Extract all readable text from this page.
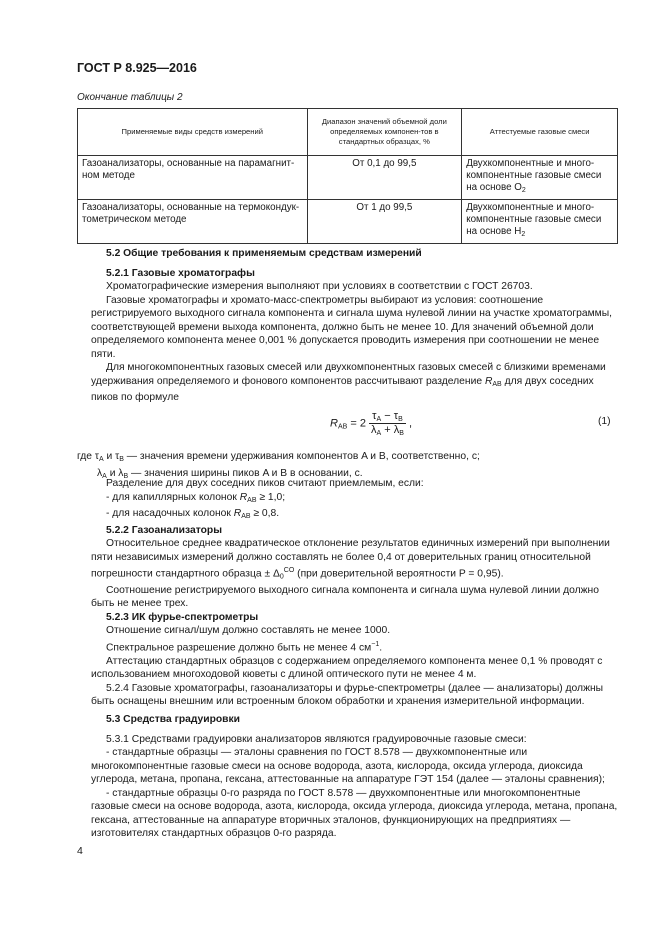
ГОСТ Р 8.925—2016
Окончание таблицы 2
Применяемые виды средств измерений	Диапазон значений объемной доли определяемых компонен-тов в стандартных образцах, %	Аттестуемые газовые смеси
Газоанализаторы, основанные на парамагнит-ном методе	От 0,1 до 99,5	Двухкомпонентные и много-компонентные газовые смеси на основе $O_2$
Газоанализаторы, основанные на термокондук-тометрическом методе	От 1 до 99,5	Двухкомпонентные и много-компонентные газовые смеси на основе $H_2$

5.2 Общие требования к применяемым средствам измерений

5.2.1 Газовые хроматографы

Хроматографические измерения выполняют при условиях в соответствии с ГОСТ 26703.

Газовые хроматографы и хромато-масс-спектрометры выбирают из условия: соотношение регистрируемого выходного сигнала компонента и сигнала шума нулевой линии на участке хроматограммы, соответствующей времени выхода компонента, должно быть не менее 10. Для значений объемной доли определяемого компонента менее 0,001 % допускается проводить измерения при соотношении не менее пяти.

Для многокомпонентных газовых смесей или двухкомпонентных газовых смесей с близкими временами удерживания определяемого и фонового компонентов рассчитывают разделение $R_{AB}$ для двух соседних пиков по формуле

$R_{AB} = 2 \frac{\tau_A - \tau_B}{\lambda_A + \lambda_B}$ ,	(1)

где $\tau_A$ и $\tau_B$ — значения времени удерживания компонентов A и B, соответственно, c;

$\lambda_A$ и $\lambda_B$ — значения ширины пиков A и B в основании, c.

Разделение для двух соседних пиков считают приемлемым, если:

- для капиллярных колонок $R_{AB} \ge 1,0$;

- для насадочных колонок $R_{AB} \ge 0,8$.

5.2.2 Газоанализаторы

Относительное среднее квадратическое отклонение результатов единичных измерений при выполнении пяти независимых измерений должно составлять не более 0,4 от доверительных границ относительной погрешности стандартного образца ± $\Delta_0^{CO}$ (при доверительной вероятности P = 0,95).

Соотношение регистрируемого выходного сигнала компонента и сигнала шума нулевой линии должно быть не менее трех.

5.2.3 ИК фурье-спектрометры

Отношение сигнал/шум должно составлять не менее 1000.

Спектральное разрешение должно быть не менее 4 $см^{-1}$.

Аттестацию стандартных образцов с содержанием определяемого компонента менее 0,1 % проводят с использованием многоходовой кюветы с длиной оптического пути не менее 4 м.

5.2.4 Газовые хроматографы, газоанализаторы и фурье-спектрометры (далее — анализаторы) должны быть оснащены внешним или встроенным блоком обработки и хранения измерительной информации.

5.3 Средства градуировки

5.3.1 Средствами градуировки анализаторов являются градуировочные газовые смеси:

- стандартные образцы — эталоны сравнения по ГОСТ 8.578 — двухкомпонентные или многокомпонентные газовые смеси на основе водорода, азота, кислорода, оксида углерода, диоксида углерода, метана, пропана, гексана, аттестованные на аппаратуре ГЭТ 154 (далее — эталоны сравнения);

- стандартные образцы 0-го разряда по ГОСТ 8.578 — двухкомпонентные или многокомпонентные газовые смеси на основе водорода, азота, кислорода, оксида углерода, диоксида углерода, метана, пропана, гексана, аттестованные на аппаратуре вторичных эталонов, функционирующих на предприятиях — изготовителях стандартных образцов 0-го разряда.

4
